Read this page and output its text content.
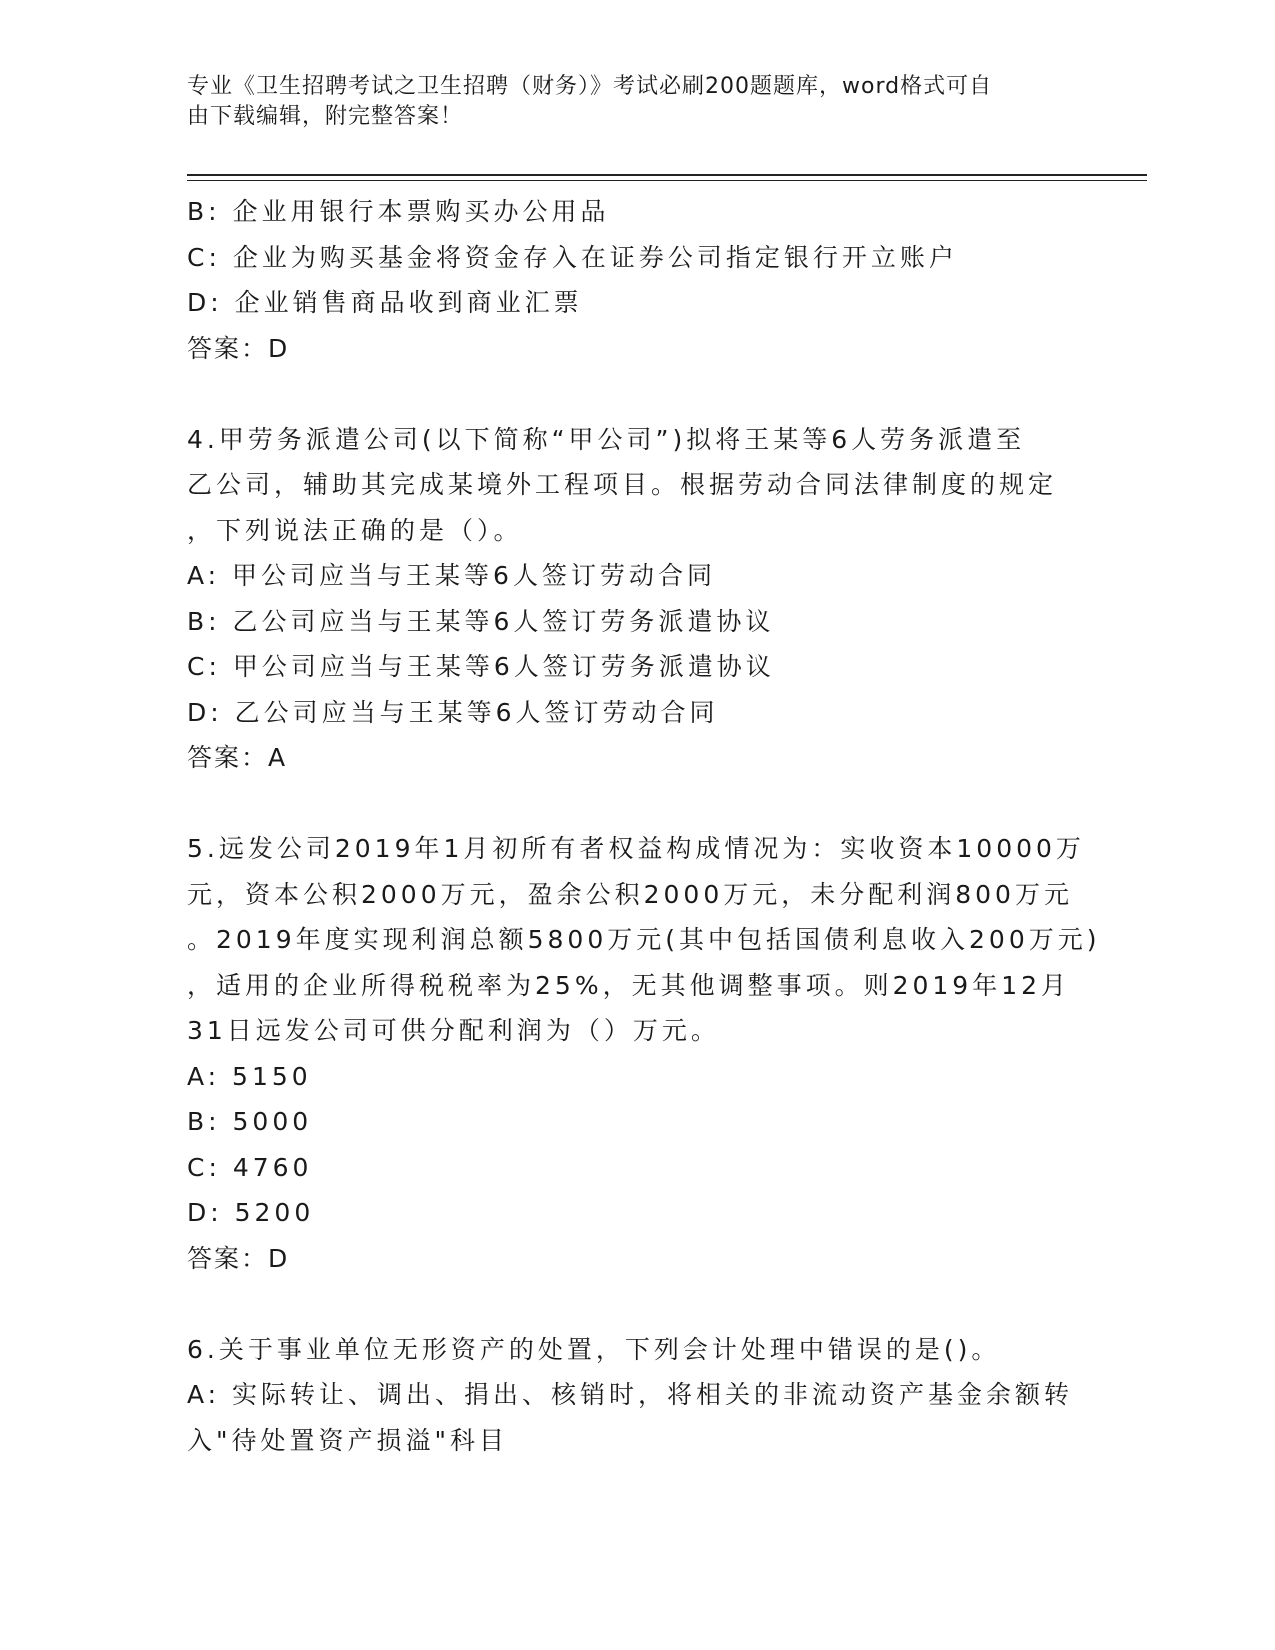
专业《卫生招聘考试之卫生招聘（财务）》考试必刷200题题库，word格式可自
由下载编辑，附完整答案！
B: 企业用银行本票购买办公用品
C: 企业为购买基金将资金存入在证券公司指定银行开立账户
D: 企业销售商品收到商业汇票
答案：D
4.甲劳务派遣公司(以下简称“甲公司”)拟将王某等6人劳务派遣至
乙公司，辅助其完成某境外工程项目。根据劳动合同法律制度的规定
，下列说法正确的是（）。
A: 甲公司应当与王某等6人签订劳动合同
B: 乙公司应当与王某等6人签订劳务派遣协议
C: 甲公司应当与王某等6人签订劳务派遣协议
D: 乙公司应当与王某等6人签订劳动合同
答案：A
5.远发公司2019年1月初所有者权益构成情况为：实收资本10000万
元，资本公积2000万元，盈余公积2000万元，未分配利润800万元
。2019年度实现利润总额5800万元(其中包括国债利息收入200万元)
，适用的企业所得税税率为25%，无其他调整事项。则2019年12月
31日远发公司可供分配利润为（）万元。
A: 5150
B: 5000
C: 4760
D: 5200
答案：D
6.关于事业单位无形资产的处置，下列会计处理中错误的是()。
A: 实际转让、调出、捐出、核销时，将相关的非流动资产基金余额转
入"待处置资产损溢"科目
